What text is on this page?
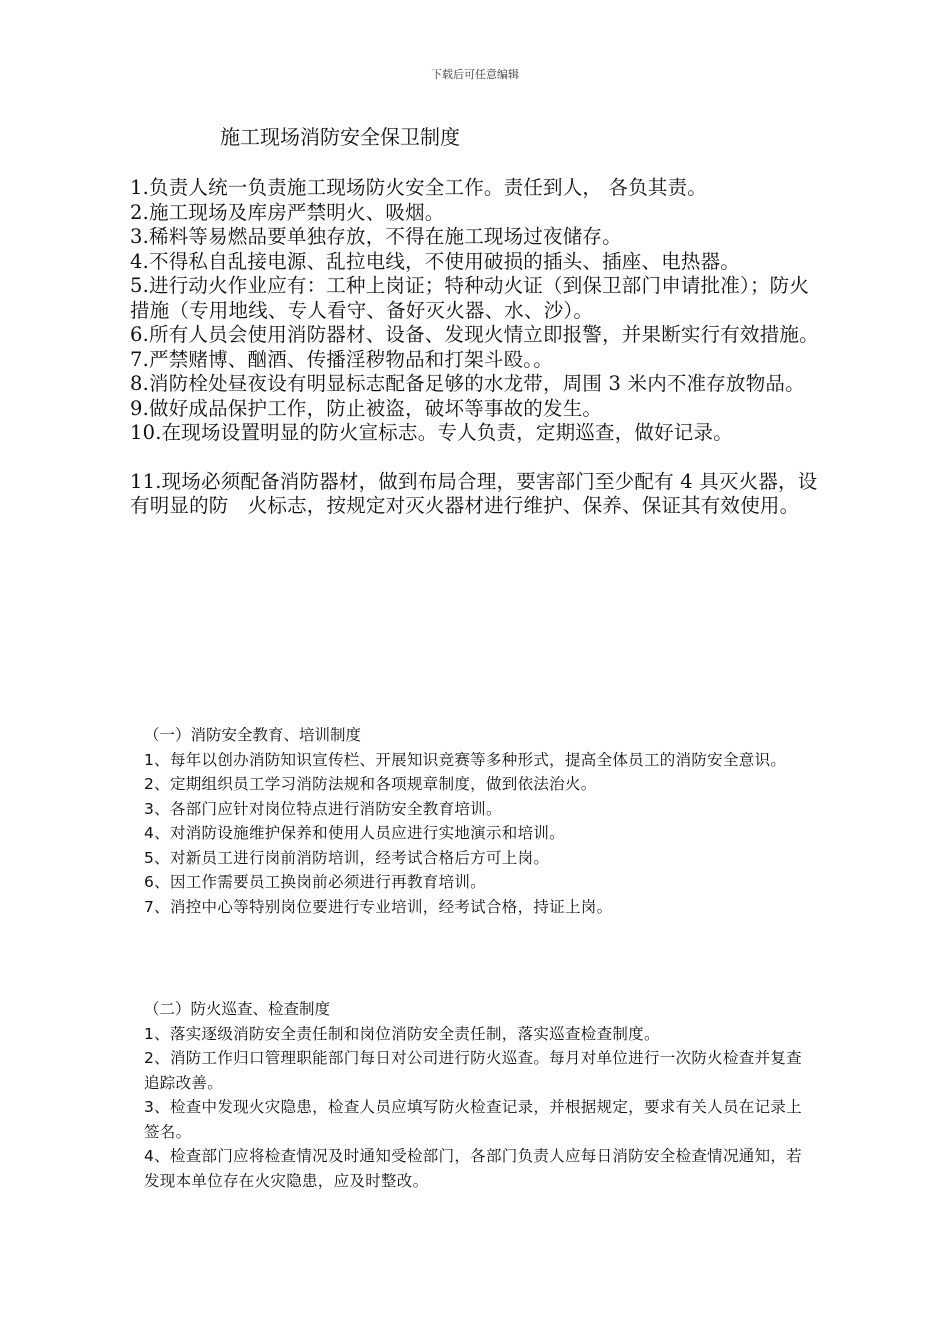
下载后可任意编辑
施工现场消防安全保卫制度

1.负责人统一负责施工现场防火安全工作。责任到人， 各负其责。

2.施工现场及库房严禁明火、吸烟。

3.稀料等易燃品要单独存放，不得在施工现场过夜储存。

4.不得私自乱接电源、乱拉电线，不使用破损的插头、插座、电热器。

5.进行动火作业应有：工种上岗证；特种动火证（到保卫部门申请批准）；防火措施（专用地线、专人看守、备好灭火器、水、沙）。

6.所有人员会使用消防器材、设备、发现火情立即报警，并果断实行有效措施。

7.严禁赌博、酗酒、传播淫秽物品和打架斗殴。。

8.消防栓处昼夜设有明显标志配备足够的水龙带，周围 3 米内不准存放物品。

9.做好成品保护工作，防止被盗，破坏等事故的发生。

10.在现场设置明显的防火宣标志。专人负责，定期巡查，做好记录。

11.现场必须配备消防器材，做到布局合理，要害部门至少配有 4 具灭火器，设有明显的防   火标志，按规定对灭火器材进行维护、保养、保证其有效使用。

（一）消防安全教育、培训制度

1、每年以创办消防知识宣传栏、开展知识竞赛等多种形式，提高全体员工的消防安全意识。

2、定期组织员工学习消防法规和各项规章制度，做到依法治火。

3、各部门应针对岗位特点进行消防安全教育培训。

4、对消防设施维护保养和使用人员应进行实地演示和培训。

5、对新员工进行岗前消防培训，经考试合格后方可上岗。

6、因工作需要员工换岗前必须进行再教育培训。

7、消控中心等特别岗位要进行专业培训，经考试合格，持证上岗。

（二）防火巡查、检查制度

1、落实逐级消防安全责任制和岗位消防安全责任制，落实巡查检查制度。

2、消防工作归口管理职能部门每日对公司进行防火巡查。每月对单位进行一次防火检查并复查追踪改善。

3、检查中发现火灾隐患，检查人员应填写防火检查记录，并根据规定，要求有关人员在记录上签名。

4、检查部门应将检查情况及时通知受检部门，各部门负责人应每日消防安全检查情况通知，若发现本单位存在火灾隐患，应及时整改。
